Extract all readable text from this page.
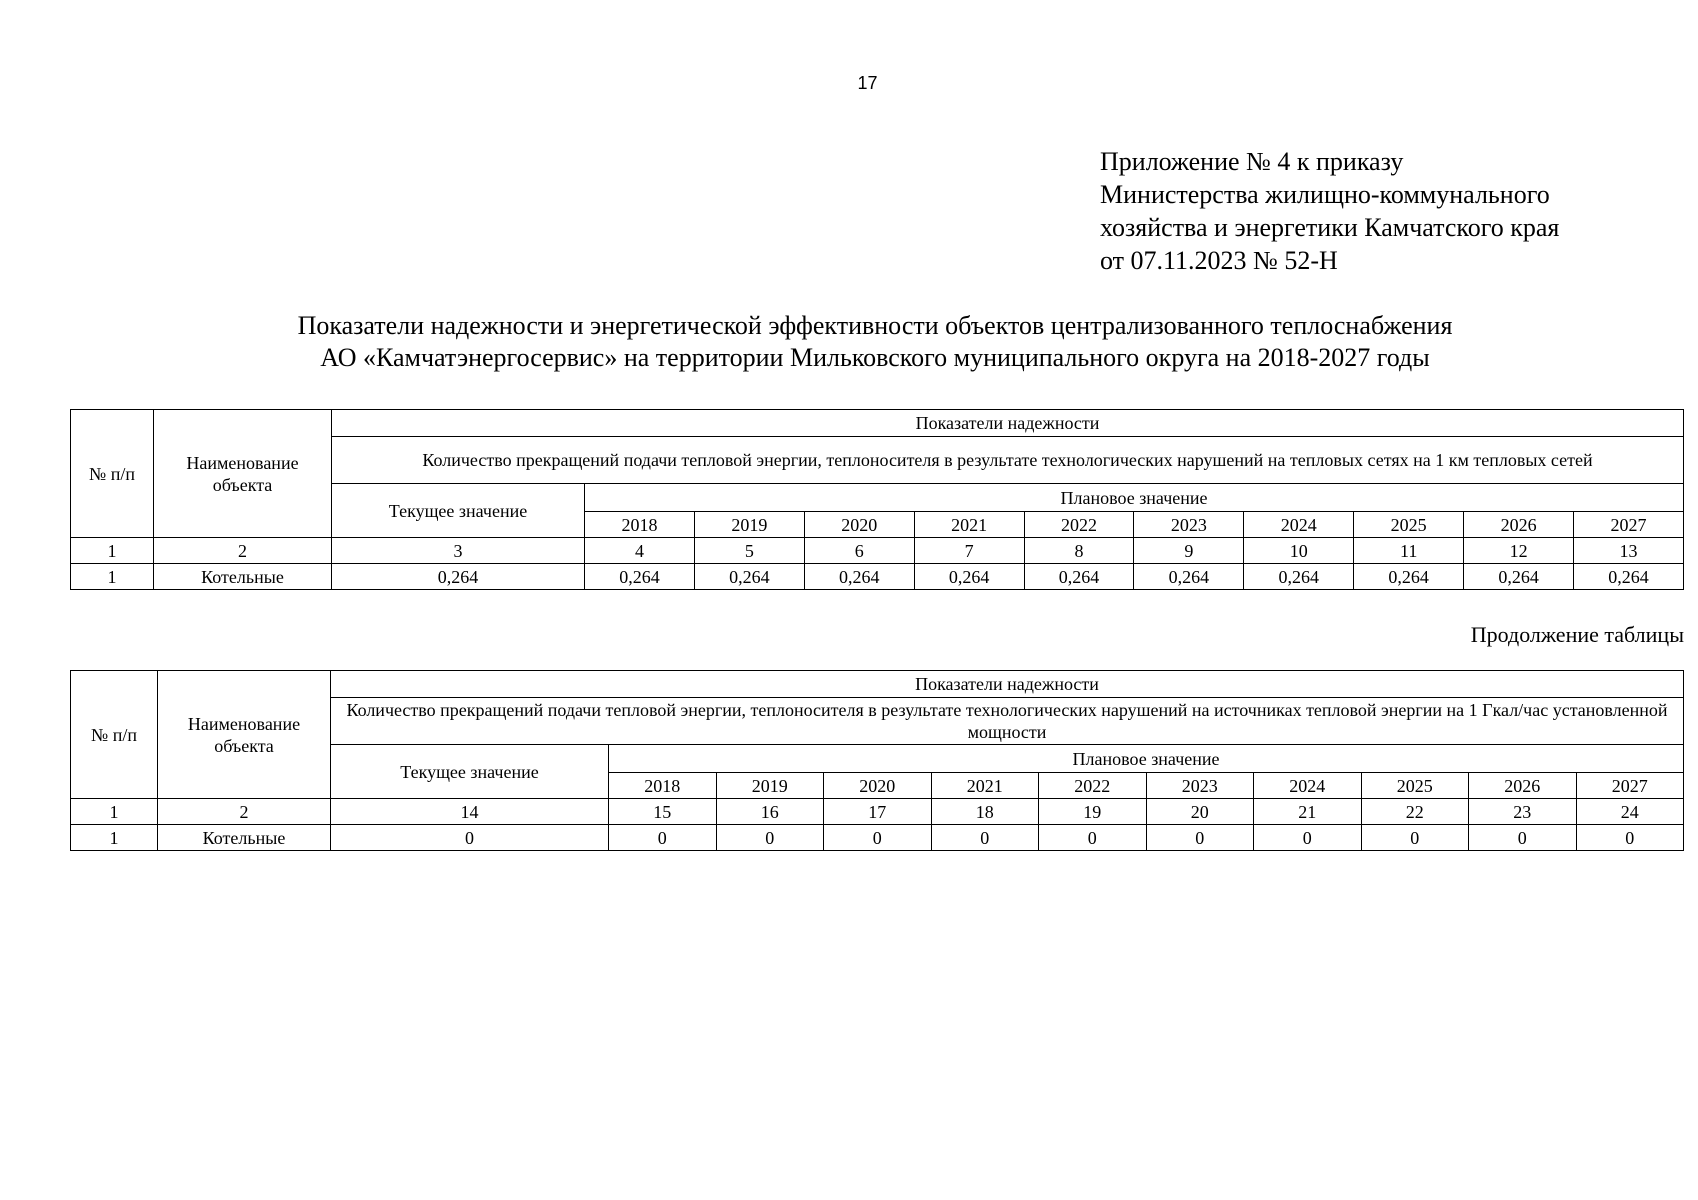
17
Приложение № 4 к приказу
Министерства жилищно-коммунального
хозяйства и энергетики Камчатского края
от 07.11.2023 № 52-Н
Показатели надежности и энергетической эффективности объектов централизованного теплоснабжения
АО «Камчатэнергосервис» на территории Мильковского муниципального округа на 2018-2027 годы
№ п/п	Наименование объекта	Показатели надежности										
		Количество прекращений подачи тепловой энергии, теплоносителя в результате технологических нарушений на тепловых сетях на 1 км тепловых сетей										
		Текущее значение	Плановое значение									
			2018	2019	2020	2021	2022	2023	2024	2025	2026	2027
1	2	3	4	5	6	7	8	9	10	11	12	13
1	Котельные	0,264	0,264	0,264	0,264	0,264	0,264	0,264	0,264	0,264	0,264	0,264
Продолжение таблицы
№ п/п	Наименование объекта	Показатели надежности										
		Количество прекращений подачи тепловой энергии, теплоносителя в результате технологических нарушений на источниках тепловой энергии на 1 Гкал/час установленной мощности										
		Текущее значение	Плановое значение									
			2018	2019	2020	2021	2022	2023	2024	2025	2026	2027
1	2	14	15	16	17	18	19	20	21	22	23	24
1	Котельные	0	0	0	0	0	0	0	0	0	0	0
